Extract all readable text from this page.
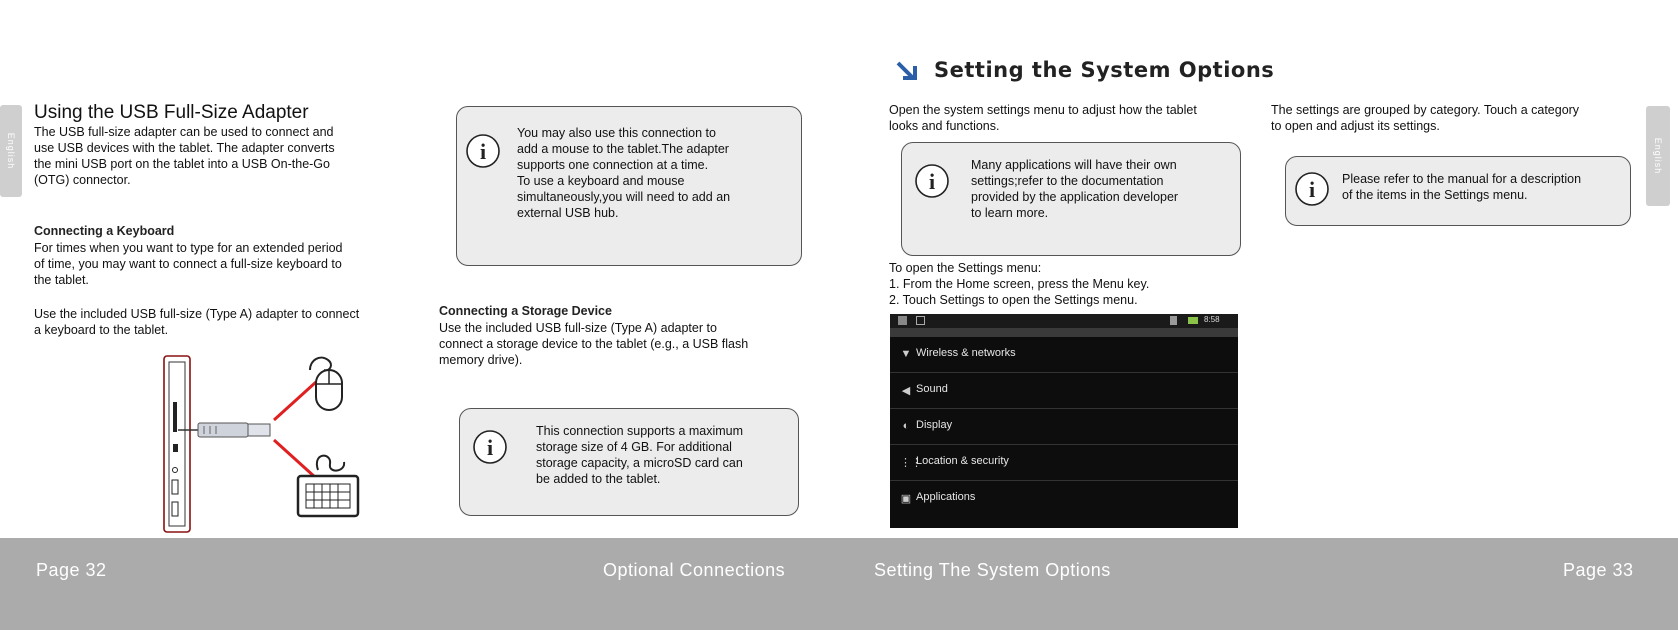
English
Using the USB Full-Size Adapter
The USB full-size adapter can be used to connect and
use USB devices with the tablet. The adapter converts
the mini USB port on the tablet into a USB On-the-Go
(OTG) connector.
Connecting a Keyboard
For times when you want to type for an extended period
of time, you may want to connect a full-size keyboard to
the tablet.
Use the included USB full-size (Type A) adapter to connect
a keyboard to the tablet.
i
You may also use this connection to
add a mouse to the tablet.The adapter
supports one connection at a time.
To use a keyboard and mouse
simultaneously,you will need to add an
external USB hub.
Connecting a Storage Device
Use the included USB full-size (Type A) adapter to
connect a storage device to the tablet (e.g., a USB flash
memory drive).
i
This connection supports a maximum
storage size of 4 GB. For additional
storage capacity, a microSD card can
be added to the tablet.
Setting the System Options
Open the system settings menu to adjust how the tablet
looks and functions.
i
Many applications will have their own
settings;refer to the documentation
provided by the application developer
to learn more.
To open the Settings menu:
1. From the Home screen, press the Menu key.
2. Touch Settings to open the Settings menu.
8:58
▼ Wireless & networks
◀ Sound
◐ Display
⋮⋮
Location & security
▣ Applications
The settings are grouped by category. Touch a category
to open and adjust its settings.
i Please refer to the manual for a description
of the items in the Settings menu.
English
Page 32	Optional Connections	Setting The System Options	Page 33
